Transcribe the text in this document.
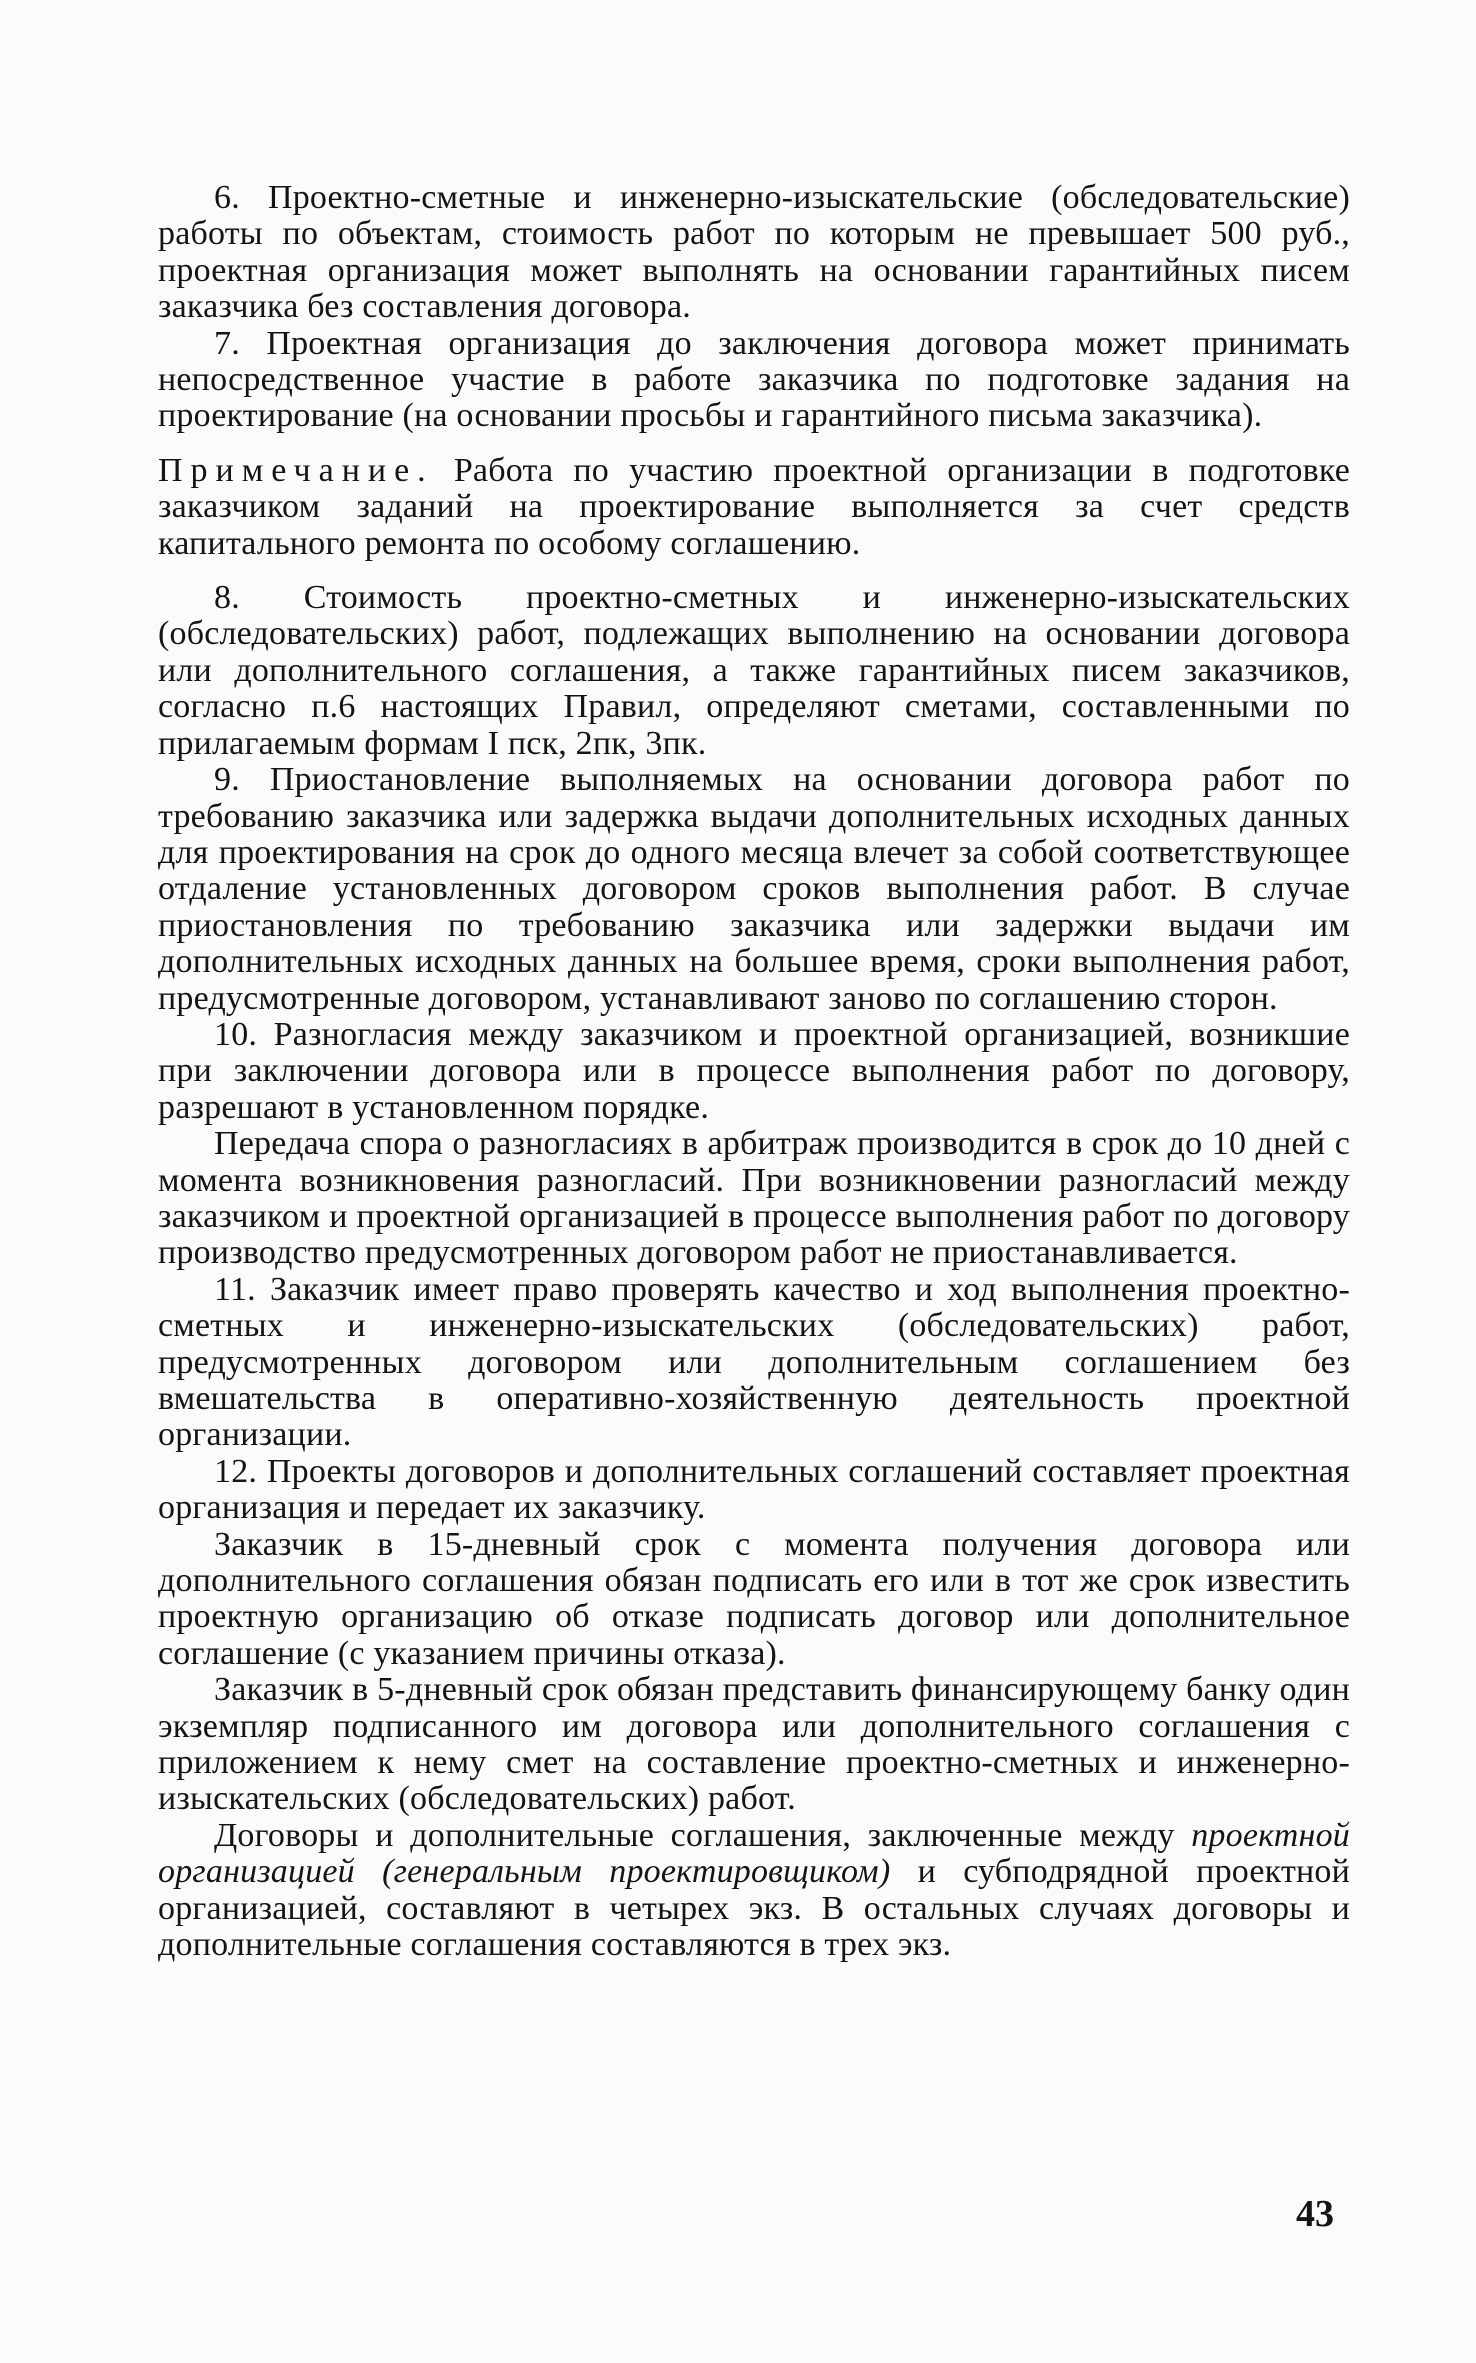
6. Проектно-сметные и инженерно-изыскательские (обследовательские) работы по объектам, стоимость работ по которым не превышает 500 руб., проектная организация может выполнять на основании гарантийных писем заказчика без составления договора.

7. Проектная организация до заключения договора может принимать непосредственное участие в работе заказчика по подготовке задания на проектирование (на основании просьбы и гарантийного письма заказчика).

Примечание. Работа по участию проектной организации в подготовке заказчиком заданий на проектирование выполняется за счет средств капитального ремонта по особому соглашению.

8. Стоимость проектно-сметных и инженерно-изыскательских (обследовательских) работ, подлежащих выполнению на основании договора или дополнительного соглашения, а также гарантийных писем заказчиков, согласно п.6 настоящих Правил, определяют сметами, составленными по прилагаемым формам I пск, 2пк, 3пк.

9. Приостановление выполняемых на основании договора работ по требованию заказчика или задержка выдачи дополнительных исходных данных для проектирования на срок до одного месяца влечет за собой соответствующее отдаление установленных договором сроков выполнения работ. В случае приостановления по требованию заказчика или задержки выдачи им дополнительных исходных данных на большее время, сроки выполнения работ, предусмотренные договором, устанавливают заново по соглашению сторон.

10. Разногласия между заказчиком и проектной организацией, возникшие при заключении договора или в процессе выполнения работ по договору, разрешают в установленном порядке.

Передача спора о разногласиях в арбитраж производится в срок до 10 дней с момента возникновения разногласий. При возникновении разногласий между заказчиком и проектной организацией в процессе выполнения работ по договору производство предусмотренных договором работ не приостанавливается.

11. Заказчик имеет право проверять качество и ход выполнения проектно-сметных и инженерно-изыскательских (обследовательских) работ, предусмотренных договором или дополнительным соглашением без вмешательства в оперативно-хозяйственную деятельность проектной организации.

12. Проекты договоров и дополнительных соглашений составляет проектная организация и передает их заказчику.

Заказчик в 15-дневный срок с момента получения договора или дополнительного соглашения обязан подписать его или в тот же срок известить проектную организацию об отказе подписать договор или дополнительное соглашение (с указанием причины отказа).

Заказчик в 5-дневный срок обязан представить финансирующему банку один экземпляр подписанного им договора или дополнительного соглашения с приложением к нему смет на составление проектно-сметных и инженерно-изыскательских (обследовательских) работ.

Договоры и дополнительные соглашения, заключенные между проектной организацией (генеральным проектировщиком) и субподрядной проектной организацией, составляют в четырех экз. В остальных случаях договоры и дополнительные соглашения составляются в трех экз.

43
